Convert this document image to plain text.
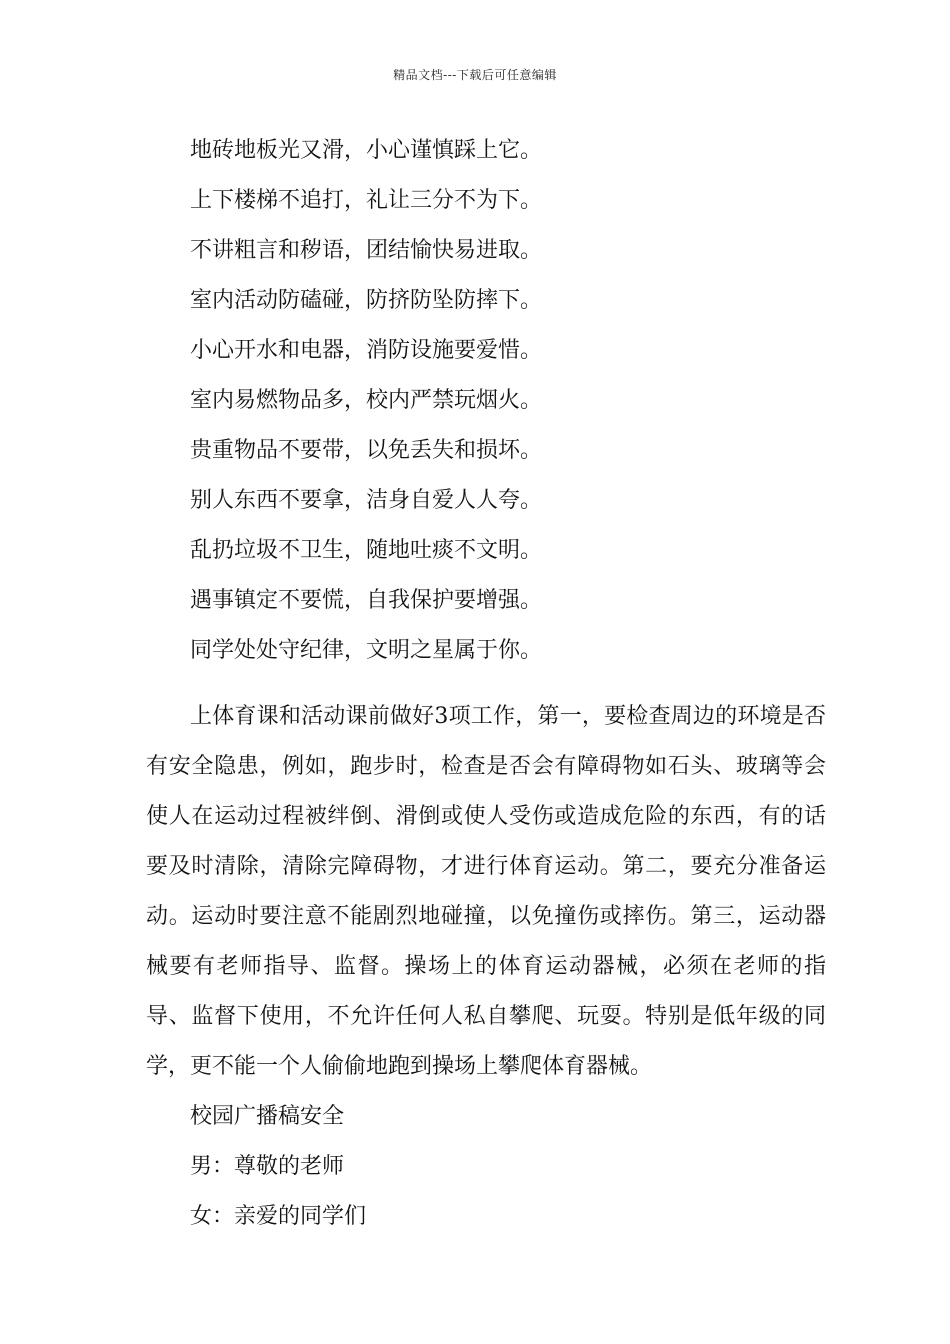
精品文档---下载后可任意编辑
地砖地板光又滑，小心谨慎踩上它。
上下楼梯不追打，礼让三分不为下。
不讲粗言和秽语，团结愉快易进取。
室内活动防磕碰，防挤防坠防摔下。
小心开水和电器，消防设施要爱惜。
室内易燃物品多，校内严禁玩烟火。
贵重物品不要带，以免丢失和损坏。
别人东西不要拿，洁身自爱人人夸。
乱扔垃圾不卫生，随地吐痰不文明。
遇事镇定不要慌，自我保护要增强。
同学处处守纪律，文明之星属于你。

上体育课和活动课前做好3项工作，第一，要检查周边的环境是否有安全隐患，例如，跑步时，检查是否会有障碍物如石头、玻璃等会使人在运动过程被绊倒、滑倒或使人受伤或造成危险的东西，有的话要及时清除，清除完障碍物，才进行体育运动。第二，要充分准备运动。运动时要注意不能剧烈地碰撞，以免撞伤或摔伤。第三，运动器械要有老师指导、监督。操场上的体育运动器械，必须在老师的指导、监督下使用，不允许任何人私自攀爬、玩耍。特别是低年级的同学，更不能一个人偷偷地跑到操场上攀爬体育器械。

校园广播稿安全
男：尊敬的老师
女：亲爱的同学们
